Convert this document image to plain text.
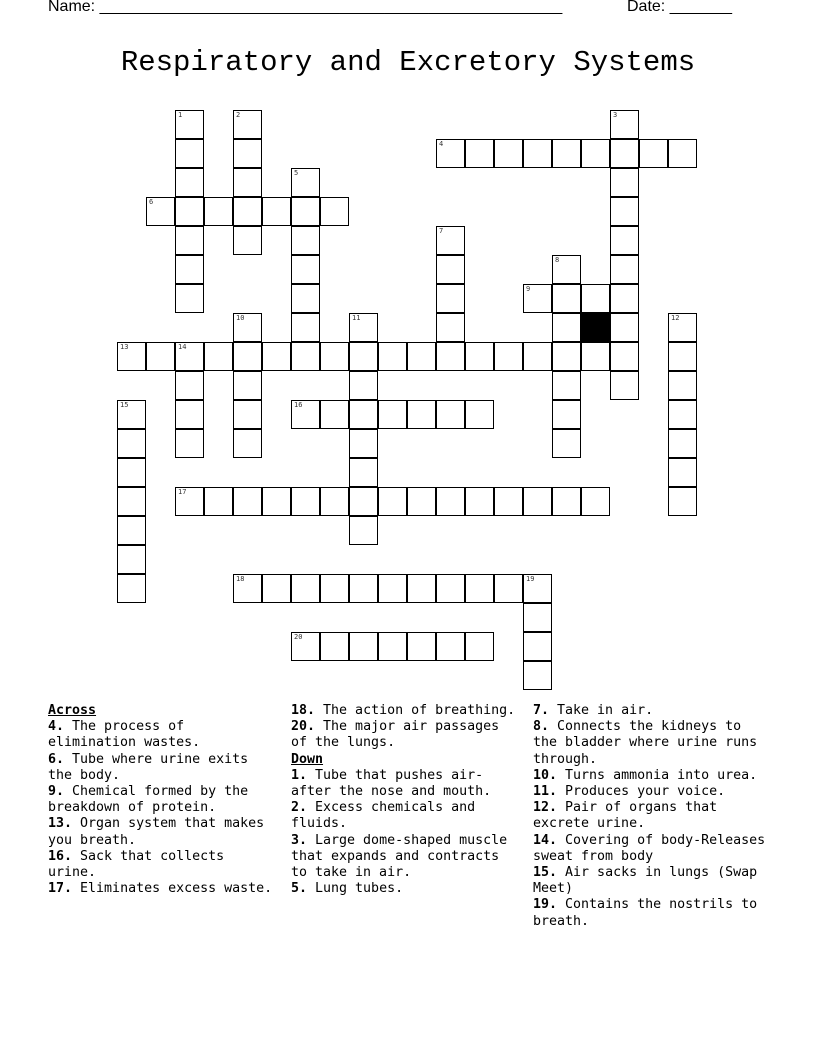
Name: ____________________________________________________	Date: _______
Respiratory and Excretory Systems
1	2	3
4
5
6
7
8
9
10	11	12
13	14
15	16
17
18	19
20
Across
4. The process of elimination wastes.
6. Tube where urine exits the body.
9. Chemical formed by the breakdown of protein.
13. Organ system that makes you breath.
16. Sack that collects urine.
17. Eliminates excess waste.
18. The action of breathing.
20. The major air passages of the lungs.
Down
1. Tube that pushes air- after the nose and mouth.
2. Excess chemicals and fluids.
3. Large dome-shaped muscle that expands and contracts to take in air.
5. Lung tubes.
7. Take in air.
8. Connects the kidneys to the bladder where urine runs through.
10. Turns ammonia into urea.
11. Produces your voice.
12. Pair of organs that excrete urine.
14. Covering of body-Releases sweat from body
15. Air sacks in lungs (Swap Meet)
19. Contains the nostrils to breath.
